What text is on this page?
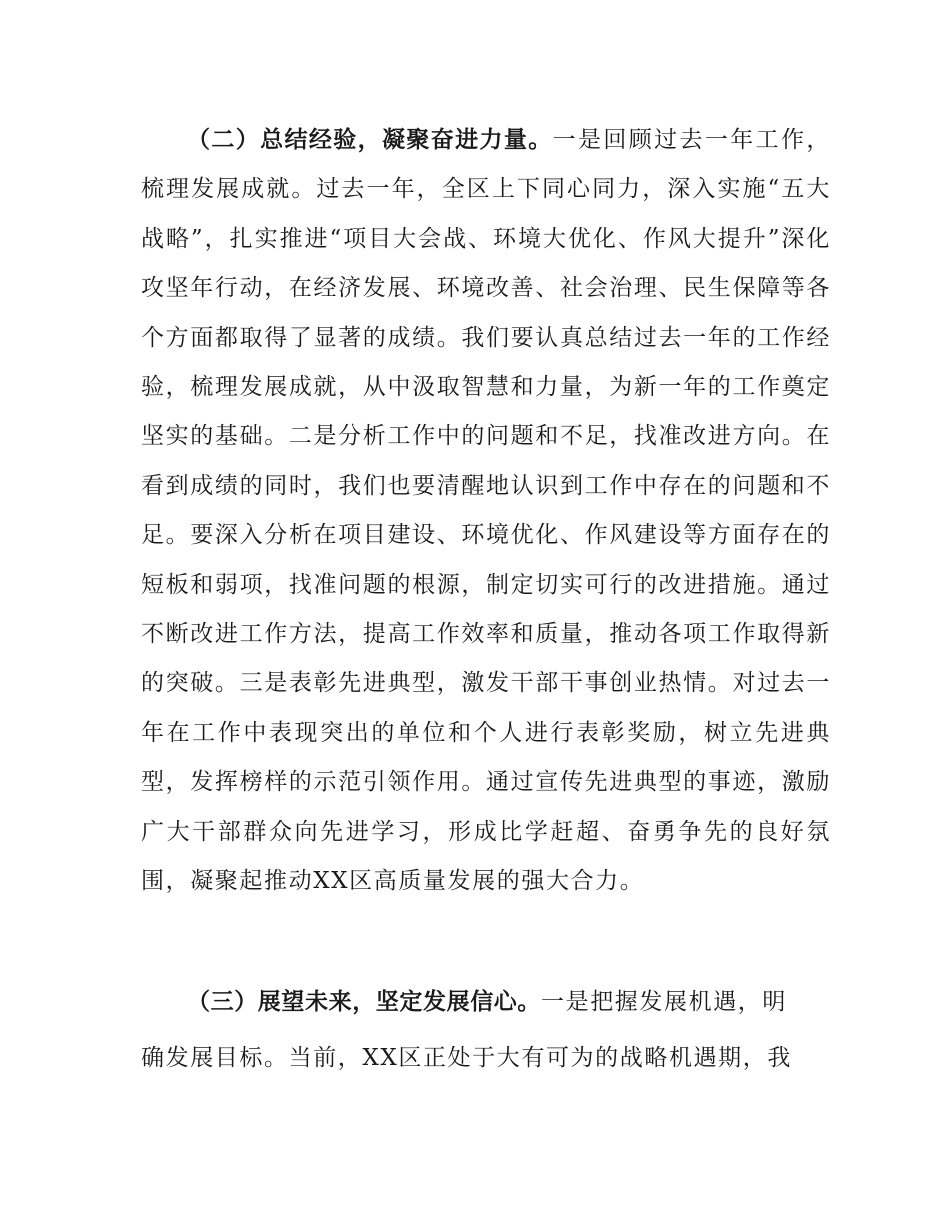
（二）总结经验，凝聚奋进力量。一是回顾过去一年工作，梳理发展成就。过去一年，全区上下同心同力，深入实施“五大战略”，扎实推进“项目大会战、环境大优化、作风大提升”深化攻坚年行动，在经济发展、环境改善、社会治理、民生保障等各个方面都取得了显著的成绩。我们要认真总结过去一年的工作经验，梳理发展成就，从中汲取智慧和力量，为新一年的工作奠定坚实的基础。二是分析工作中的问题和不足，找准改进方向。在看到成绩的同时，我们也要清醒地认识到工作中存在的问题和不足。要深入分析在项目建设、环境优化、作风建设等方面存在的短板和弱项，找准问题的根源，制定切实可行的改进措施。通过不断改进工作方法，提高工作效率和质量，推动各项工作取得新的突破。三是表彰先进典型，激发干部干事创业热情。对过去一年在工作中表现突出的单位和个人进行表彰奖励，树立先进典型，发挥榜样的示范引领作用。通过宣传先进典型的事迹，激励广大干部群众向先进学习，形成比学赶超、奋勇争先的良好氛围，凝聚起推动XX区高质量发展的强大合力。

（三）展望未来，坚定发展信心。一是把握发展机遇，明

确发展目标。当前，XX区正处于大有可为的战略机遇期，我
